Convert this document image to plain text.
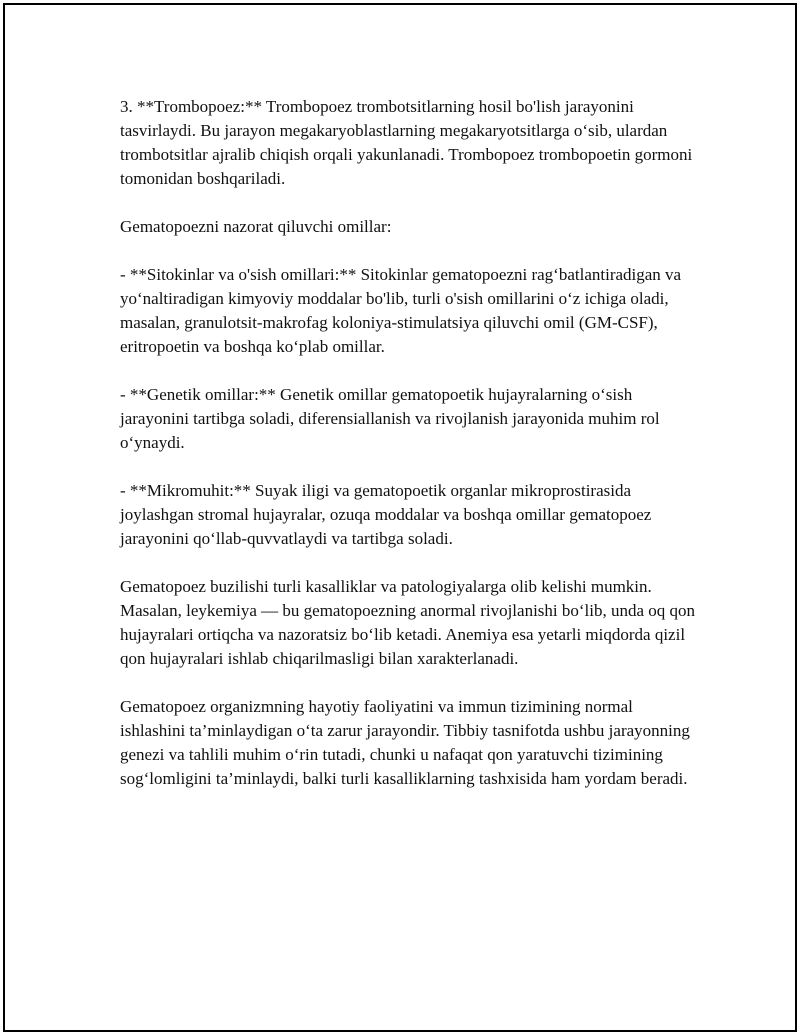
3. **Trombopoez:** Trombopoez trombotsitlarning hosil bo'lish jarayonini tasvirlaydi. Bu jarayon megakaryoblastlarning megakaryotsitlarga o‘sib, ulardan trombotsitlar ajralib chiqish orqali yakunlanadi. Trombopoez trombopoetin gormoni tomonidan boshqariladi.

Gematopoezni nazorat qiluvchi omillar:

- **Sitokinlar va o'sish omillari:** Sitokinlar gematopoezni rag‘batlantiradigan va yo‘naltiradigan kimyoviy moddalar bo'lib, turli o'sish omillarini o‘z ichiga oladi, masalan, granulotsit-makrofag koloniya-stimulatsiya qiluvchi omil (GM-CSF), eritropoetin va boshqa ko‘plab omillar.

- **Genetik omillar:** Genetik omillar gematopoetik hujayralarning o‘sish jarayonini tartibga soladi, diferensiallanish va rivojlanish jarayonida muhim rol o‘ynaydi.

- **Mikromuhit:** Suyak iligi va gematopoetik organlar mikroprostirasida joylashgan stromal hujayralar, ozuqa moddalar va boshqa omillar gematopoez jarayonini qo‘llab-quvvatlaydi va tartibga soladi.

Gematopoez buzilishi turli kasalliklar va patologiyalarga olib kelishi mumkin. Masalan, leykemiya — bu gematopoezning anormal rivojlanishi bo‘lib, unda oq qon hujayralari ortiqcha va nazoratsiz bo‘lib ketadi. Anemiya esa yetarli miqdorda qizil qon hujayralari ishlab chiqarilmasligi bilan xarakterlanadi.

Gematopoez organizmning hayotiy faoliyatini va immun tizimining normal ishlashini ta’minlaydigan o‘ta zarur jarayondir. Tibbiy tasnifotda ushbu jarayonning genezi va tahlili muhim o‘rin tutadi, chunki u nafaqat qon yaratuvchi tizimining sog‘lomligini ta’minlaydi, balki turli kasalliklarning tashxisida ham yordam beradi.
